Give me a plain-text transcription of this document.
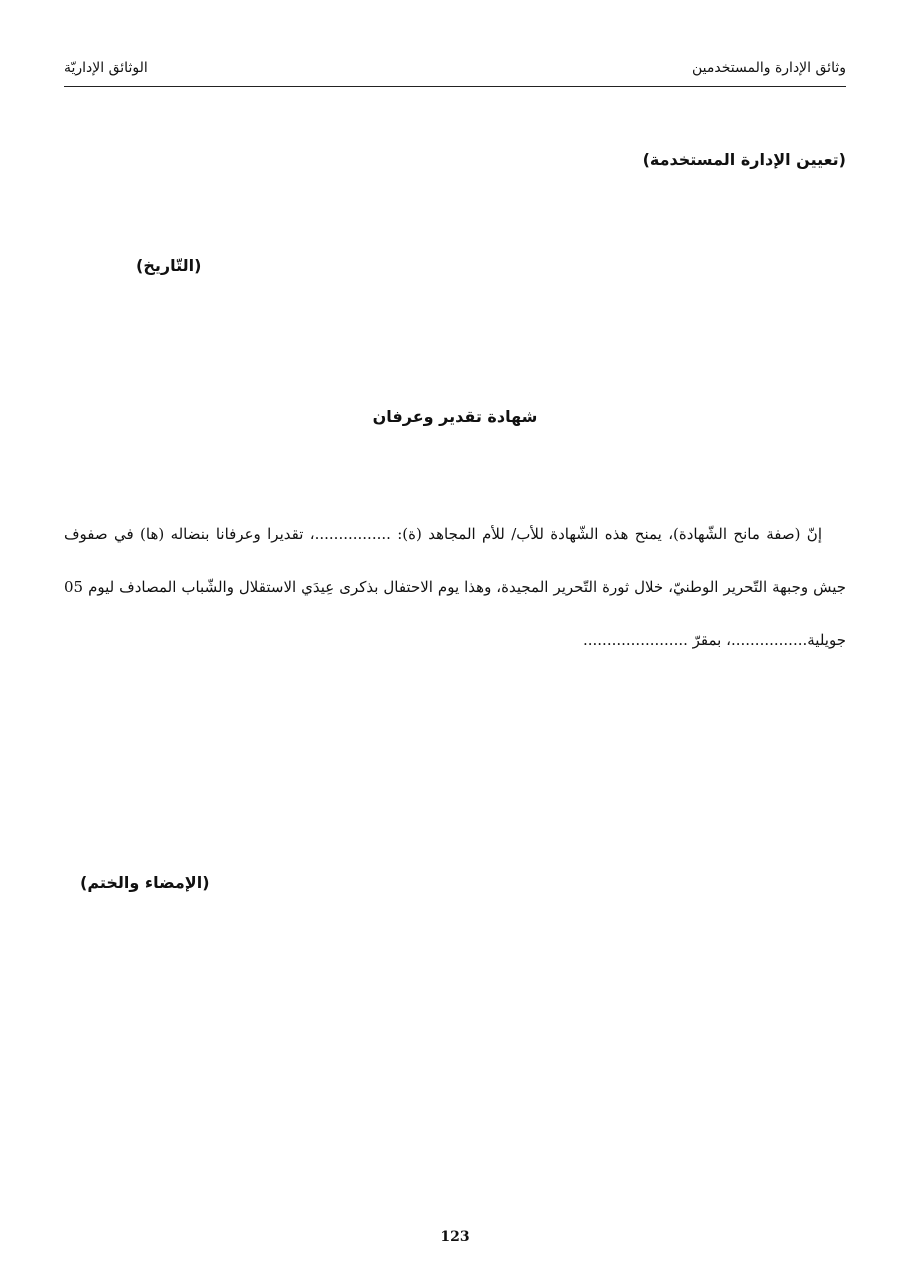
وثائق الإدارة والمستخدمين
الوثائق الإداريّة
(تعيين الإدارة المستخدمة)
(التّاريخ)
شهادة تقدير وعرفان
إنّ (صفة مانح الشّهادة)، يمنح هذه الشّهادة للأب/ للأم المجاهد (ة): ................، تقديرا وعرفانا بنضاله (ها) في صفوف جيش وجبهة التّحرير الوطنيّ، خلال ثورة التّحرير المجيدة، وهذا يوم الاحتفال بذكرى عِيدَي الاستقلال والشّباب المصادف ليوم 05 جويلية................، بمقرّ ......................
(الإمضاء والختم)
123
